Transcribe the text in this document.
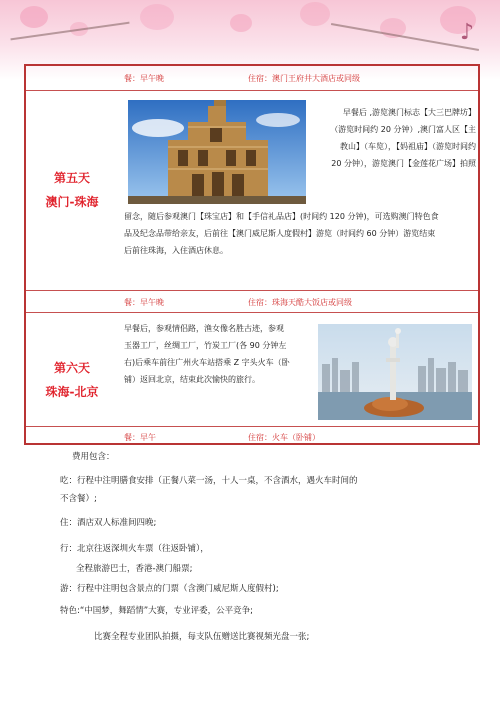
♪
餐：早午晚	住宿：澳门王府井大酒店或同级
第五天
澳门-珠海
早餐后 ,游览澳门标志【大三巴牌坊】
（游览时间约 20 分钟）,澳门富人区【主
教山】（车览），【妈祖庙】（游览时间约
20 分钟），游览澳门【金莲花广场】拍照
留念，随后参观澳门【珠宝店】和【手信礼品店】(时间约 120 分钟)，可选购澳门特色食
品及纪念品带给亲友，后前往【澳门威尼斯人度假村】游览（时间约 60 分钟）游览结束
后前往珠海，入住酒店休息。
餐：早午晚	住宿：珠海天酷大饭店或同级
第六天
珠海-北京
早餐后，参观情侣路，渔女像名胜古迹，参观
玉器工厂，丝绸工厂，竹炭工厂(各 90 分钟左
右)后乘车前往广州火车站搭乘 Z 字头火车（卧
铺）返回北京，结束此次愉快的旅行。
餐：早午	住宿：火车（卧铺）
费用包含：
吃：行程中注明膳食安排（正餐八菜一汤，十人一桌，不含酒水，遇火车时间的
不含餐）;
住：酒店双人标准间四晚;
行：北京往返深圳火车票（往返卧铺），
全程旅游巴士，香港-澳门船票;
游：行程中注明包含景点的门票（含澳门威尼斯人度假村);
特色:“中国梦，舞蹈情”大赛，专业评委，公平竞争;
比赛全程专业团队拍摄，每支队伍赠送比赛视频光盘一张;
